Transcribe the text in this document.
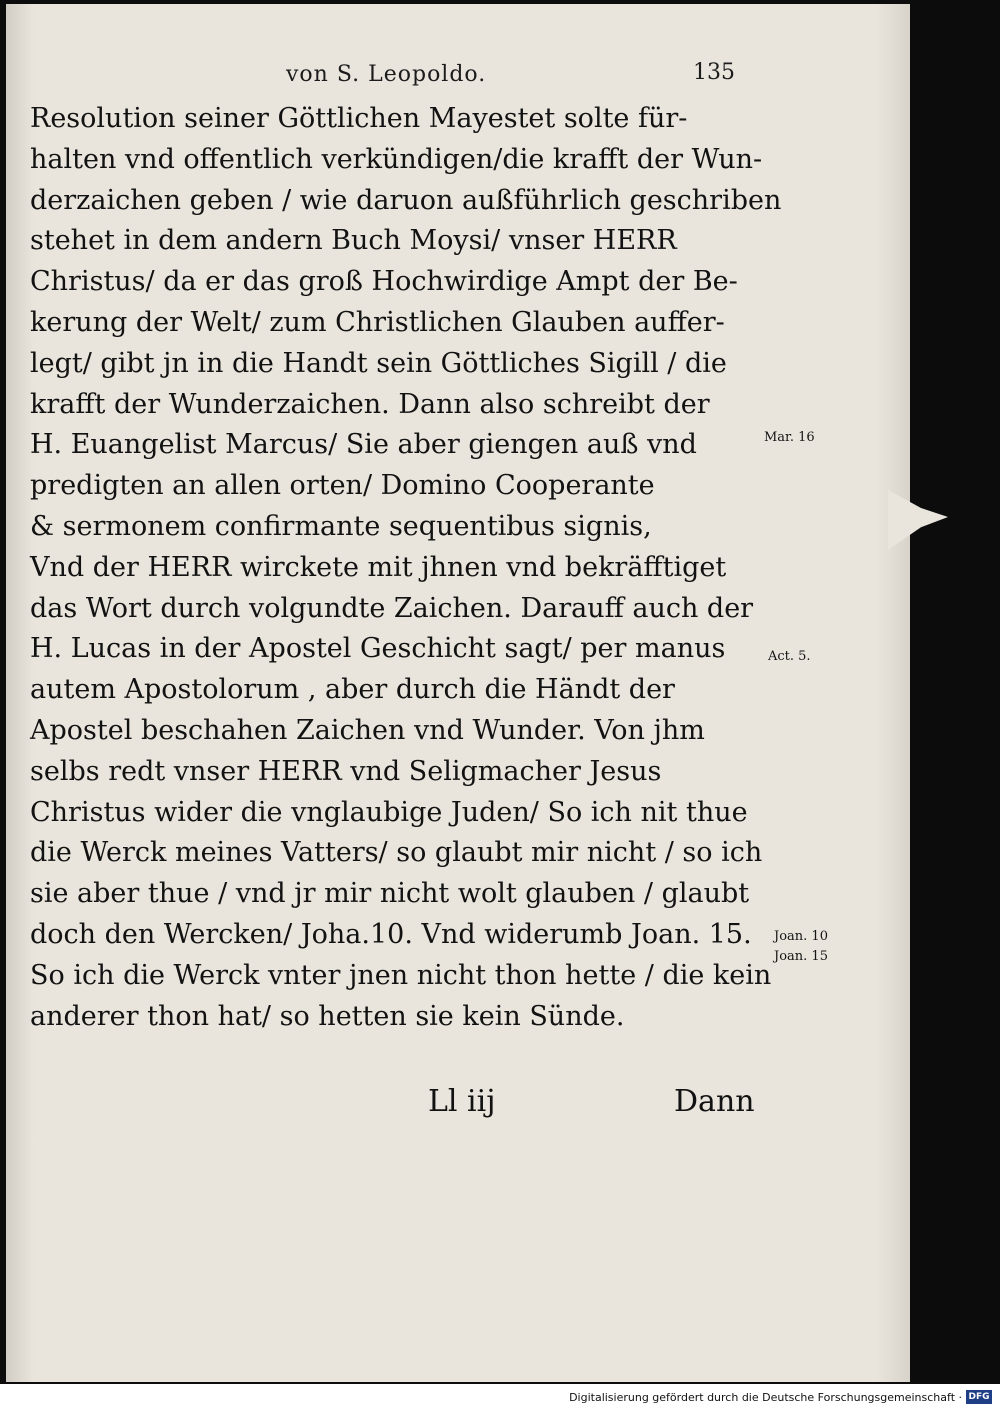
von S. Leopoldo.	135
Resolution seiner Göttlichen Mayestet solte für-
halten vnd offentlich verkündigen/die krafft der Wun-
derzaichen geben / wie daruon außführlich geschriben
stehet in dem andern Buch Moysi/ vnser HERR
Christus/ da er das groß Hochwirdige Ampt der Be-
kerung der Welt/ zum Christlichen Glauben auffer-
legt/ gibt jn in die Handt sein Göttliches Sigill / die
krafft der Wunderzaichen. Dann also schreibt der
H. Euangelist Marcus/ Sie aber giengen auß vnd
predigten an allen orten/ Domino Cooperante
& sermonem confirmante sequentibus signis,
Vnd der HERR wirckete mit jhnen vnd bekräfftiget
das Wort durch volgundte Zaichen. Darauff auch der
H. Lucas in der Apostel Geschicht sagt/ per manus
autem Apostolorum , aber durch die Händt der
Apostel beschahen Zaichen vnd Wunder. Von jhm
selbs redt vnser HERR vnd Seligmacher Jesus
Christus wider die vnglaubige Juden/ So ich nit thue
die Werck meines Vatters/ so glaubt mir nicht / so ich
sie aber thue / vnd jr mir nicht wolt glauben / glaubt
doch den Wercken/ Joha.10. Vnd widerumb Joan. 15.
So ich die Werck vnter jnen nicht thon hette / die kein
anderer thon hat/ so hetten sie kein Sünde.
Mar. 16
Act. 5.
Joan. 10
Joan. 15
Ll iij	Dann
Digitalisierung gefördert durch die Deutsche Forschungsgemeinschaft · DFG
